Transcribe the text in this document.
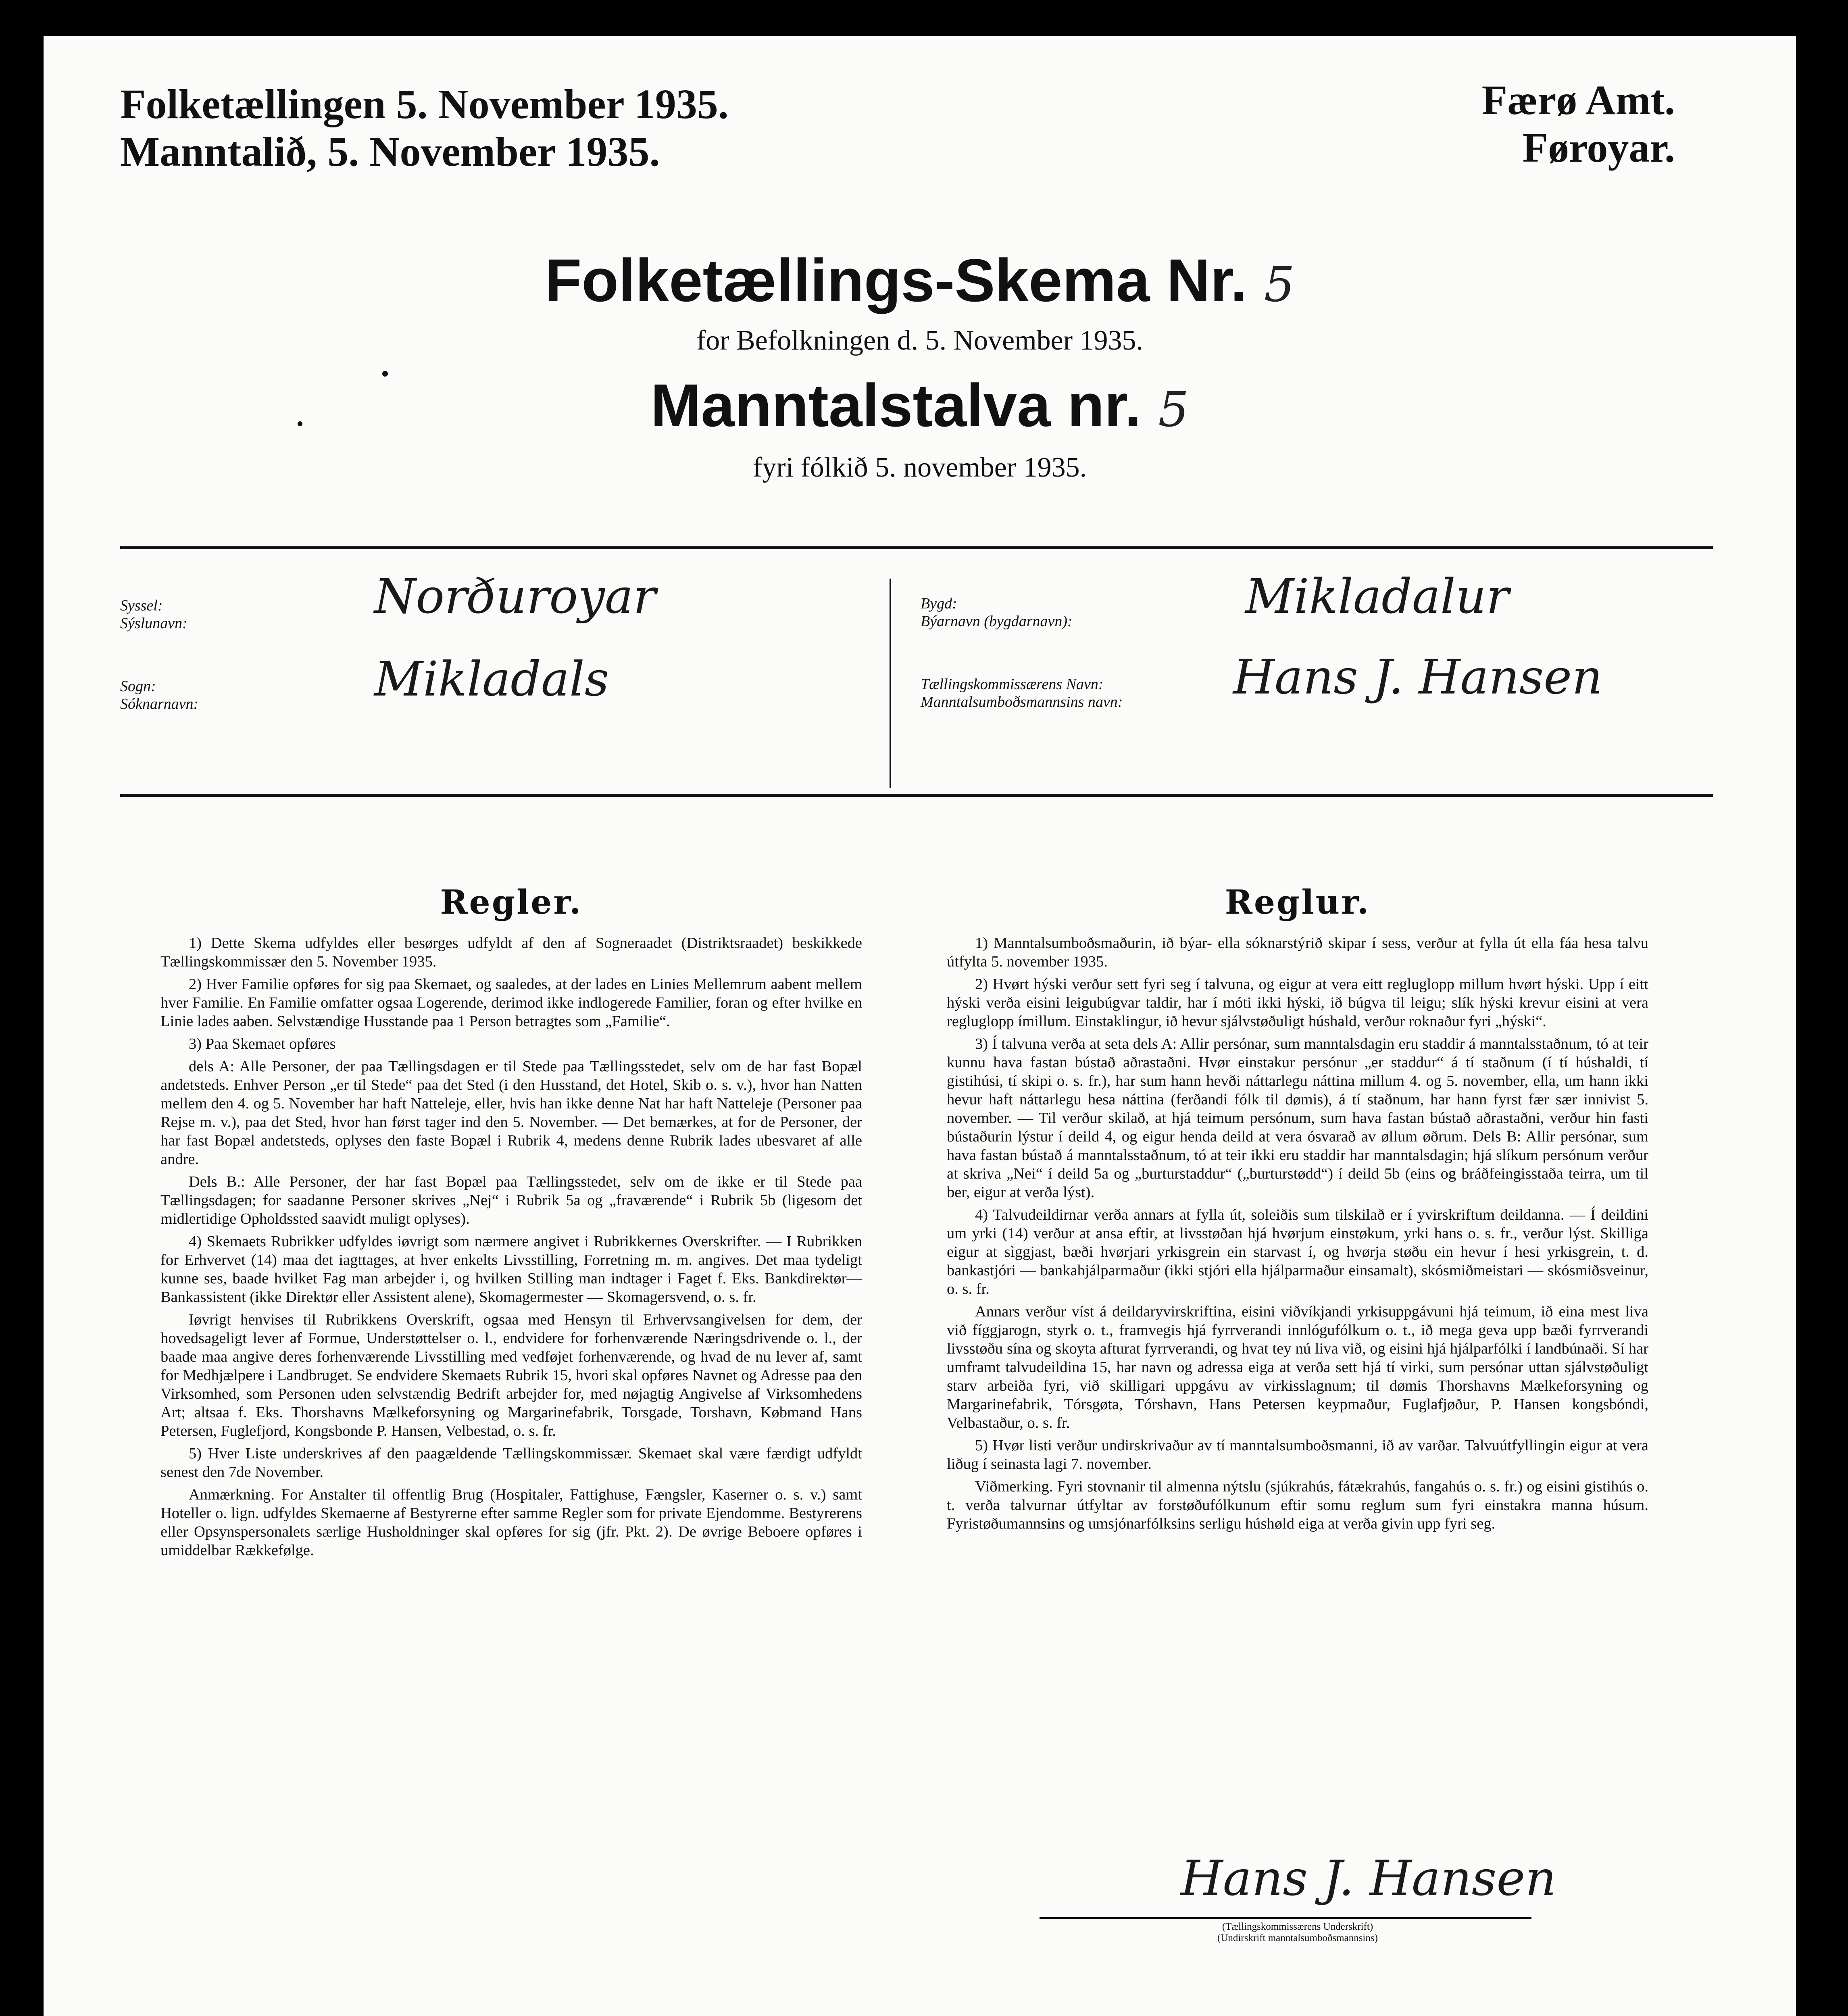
Folketællingen 5. November 1935.
Manntalið, 5. November 1935.
Færø Amt.
Føroyar.
Folketællings-Skema Nr. 5
for Befolkningen d. 5. November 1935.
Manntalstalva nr. 5
fyri fólkið 5. november 1935.
Syssel:
Sýslunavn:	Norðuroyar
Sogn:
Sóknarnavn:	Mikladals
Bygd:
Býarnavn (bygdarnavn):	Mikladalur
Tællingskommissærens Navn:
Manntalsumboðsmannsins navn: Hans J. Hansen
Regler.

1) Dette Skema udfyldes eller besørges udfyldt af den af Sogneraadet (Distriktsraadet) beskikkede Tællingskommissær den 5. November 1935.

2) Hver Familie opføres for sig paa Skemaet, og saaledes, at der lades en Linies Mellemrum aabent mellem hver Familie. En Familie omfatter ogsaa Logerende, derimod ikke indlogerede Familier, foran og efter hvilke en Linie lades aaben. Selvstændige Husstande paa 1 Person betragtes som „Familie“.

3) Paa Skemaet opføres

dels A: Alle Personer, der paa Tællingsdagen er til Stede paa Tællingsstedet, selv om de har fast Bopæl andetsteds. Enhver Person „er til Stede“ paa det Sted (i den Husstand, det Hotel, Skib o. s. v.), hvor han Natten mellem den 4. og 5. November har haft Natteleje, eller, hvis han ikke denne Nat har haft Natteleje (Personer paa Rejse m. v.), paa det Sted, hvor han først tager ind den 5. November. — Det bemærkes, at for de Personer, der har fast Bopæl andetsteds, oplyses den faste Bopæl i Rubrik 4, medens denne Rubrik lades ubesvaret af alle andre.

Dels B.: Alle Personer, der har fast Bopæl paa Tællingsstedet, selv om de ikke er til Stede paa Tællingsdagen; for saadanne Personer skrives „Nej“ i Rubrik 5a og „fraværende“ i Rubrik 5b (ligesom det midlertidige Opholdssted saavidt muligt oplyses).

4) Skemaets Rubrikker udfyldes iøvrigt som nærmere angivet i Rubrikkernes Overskrifter. — I Rubrikken for Erhvervet (14) maa det iagttages, at hver enkelts Livsstilling, Forretning m. m. angives. Det maa tydeligt kunne ses, baade hvilket Fag man arbejder i, og hvilken Stilling man indtager i Faget f. Eks. Bankdirektør—Bankassistent (ikke Direktør eller Assistent alene), Skomagermester — Skomagersvend, o. s. fr.

Iøvrigt henvises til Rubrikkens Overskrift, ogsaa med Hensyn til Erhvervsangivelsen for dem, der hovedsageligt lever af Formue, Understøttelser o. l., endvidere for forhenværende Næringsdrivende o. l., der baade maa angive deres forhenværende Livsstilling med vedføjet forhenværende, og hvad de nu lever af, samt for Medhjælpere i Landbruget. Se endvidere Skemaets Rubrik 15, hvori skal opføres Navnet og Adresse paa den Virksomhed, som Personen uden selvstændig Bedrift arbejder for, med nøjagtig Angivelse af Virksomhedens Art; altsaa f. Eks. Thorshavns Mælkeforsyning og Margarinefabrik, Torsgade, Torshavn, Købmand Hans Petersen, Fuglefjord, Kongsbonde P. Hansen, Velbestad, o. s. fr.

5) Hver Liste underskrives af den paagældende Tællingskommissær. Skemaet skal være færdigt udfyldt senest den 7de November.

Anmærkning. For Anstalter til offentlig Brug (Hospitaler, Fattighuse, Fængsler, Kaserner o. s. v.) samt Hoteller o. lign. udfyldes Skemaerne af Bestyrerne efter samme Regler som for private Ejendomme. Bestyrerens eller Opsynspersonalets særlige Husholdninger skal opføres for sig (jfr. Pkt. 2). De øvrige Beboere opføres i umiddelbar Rækkefølge.

Reglur.

1) Manntalsumboðsmaðurin, ið býar- ella sóknarstýrið skipar í sess, verður at fylla út ella fáa hesa talvu útfylta 5. november 1935.

2) Hvørt hýski verður sett fyri seg í talvuna, og eigur at vera eitt regluglopp millum hvørt hýski. Upp í eitt hýski verða eisini leigubúgvar taldir, har í móti ikki hýski, ið búgva til leigu; slík hýski krevur eisini at vera regluglopp ímillum. Einstaklingur, ið hevur sjálvstøðuligt húshald, verður roknaður fyri „hýski“.

3) Í talvuna verða at seta dels A: Allir persónar, sum manntalsdagin eru staddir á manntalsstaðnum, tó at teir kunnu hava fastan bústað aðrastaðni. Hvør einstakur persónur „er staddur“ á tí staðnum (í tí húshaldi, tí gistihúsi, tí skipi o. s. fr.), har sum hann hevði náttarlegu náttina millum 4. og 5. november, ella, um hann ikki hevur haft náttarlegu hesa náttina (ferðandi fólk til dømis), á tí staðnum, har hann fyrst fær sær innivist 5. november. — Til verður skilað, at hjá teimum persónum, sum hava fastan bústað aðrastaðni, verður hin fasti bústaðurin lýstur í deild 4, og eigur henda deild at vera ósvarað av øllum øðrum. Dels B: Allir persónar, sum hava fastan bústað á manntalsstaðnum, tó at teir ikki eru staddir har manntalsdagin; hjá slíkum persónum verður at skriva „Nei“ í deild 5a og „burturstaddur“ („burturstødd“) í deild 5b (eins og bráðfeingisstaða teirra, um til ber, eigur at verða lýst).

4) Talvudeildirnar verða annars at fylla út, soleiðis sum tilskilað er í yvirskriftum deildanna. — Í deildini um yrki (14) verður at ansa eftir, at livsstøðan hjá hvørjum einstøkum, yrki hans o. s. fr., verður lýst. Skilliga eigur at sìggjast, bæði hvørjari yrkisgrein ein starvast í, og hvørja støðu ein hevur í hesi yrkisgrein, t. d. bankastjóri — bankahjálparmaður (ikki stjóri ella hjálparmaður einsamalt), skósmiðmeistari — skósmiðsveinur, o. s. fr.

Annars verður víst á deildaryvirskriftina, eisini viðvíkjandi yrkisuppgávuni hjá teimum, ið eina mest liva við fíggjarogn, styrk o. t., framvegis hjá fyrrverandi innlógufólkum o. t., ið mega geva upp bæði fyrrverandi livsstøðu sína og skoyta afturat fyrrverandi, og hvat tey nú liva við, og eisini hjá hjálparfólki í landbúnaði. Sí har umframt talvudeildina 15, har navn og adressa eiga at verða sett hjá tí virki, sum persónar uttan sjálvstøðuligt starv arbeiða fyri, við skilligari uppgávu av virkisslagnum; til dømis Thorshavns Mælkeforsyning og Margarinefabrik, Tórsgøta, Tórshavn, Hans Petersen keypmaður, Fuglafjøður, P. Hansen kongsbóndi, Velbastaður, o. s. fr.

5) Hvør listi verður undirskrivaður av tí manntalsumboðsmanni, ið av varðar. Talvuútfyllingin eigur at vera liðug í seinasta lagi 7. november.

Viðmerking. Fyri stovnanir til almenna nýtslu (sjúkrahús, fátækrahús, fangahús o. s. fr.) og eisini gistihús o. t. verða talvurnar útfyltar av forstøðufólkunum eftir somu reglum sum fyri einstakra manna húsum. Fyristøðumannsins og umsjónarfólksins serligu húshøld eiga at verða givin upp fyri seg.

Hans J. Hansen
(Tællingskommissærens Underskrift)
(Undirskrift manntalsumboðsmannsins)
